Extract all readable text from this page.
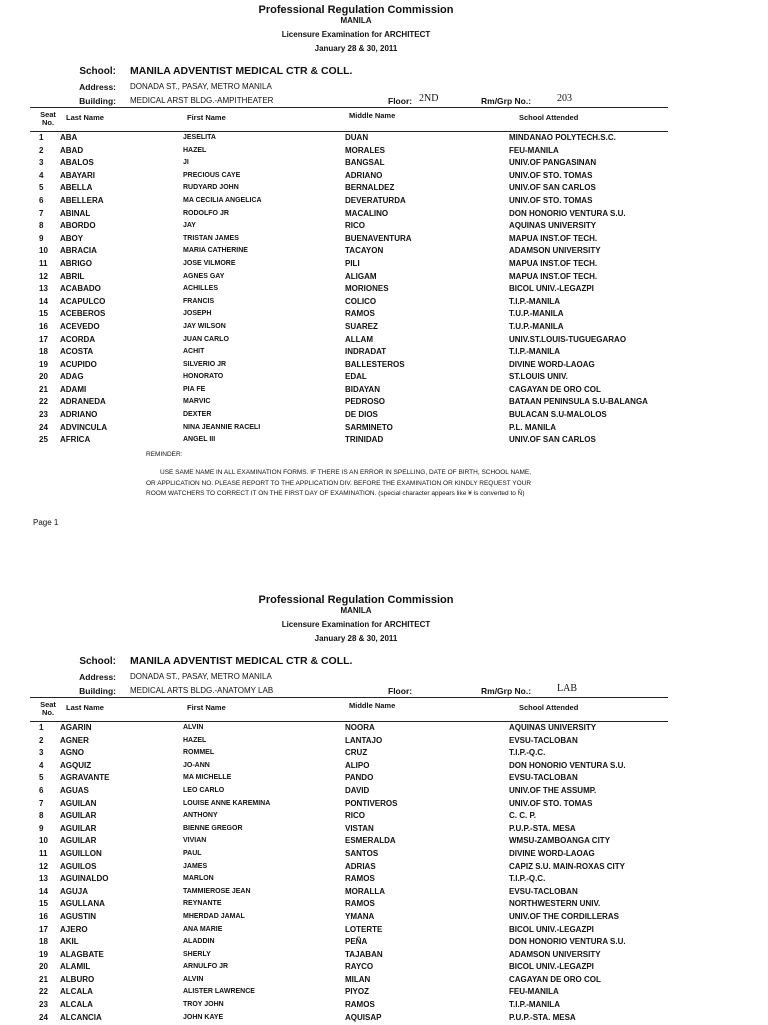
Professional Regulation Commission
MANILA
Licensure Examination for ARCHITECT
January 28 & 30, 2011
School: MANILA ADVENTIST MEDICAL CTR & COLL.
Address: DONADA ST., PASAY, METRO MANILA
Building: MEDICAL ARST BLDG.-AMPITHEATER	Floor: 2ND	Rm/Grp No.:	203
Seat No.
Last Name	First Name	Middle Name	School Attended
1 ABA	JESELITA	DUAN	MINDANAO POLYTECH.S.C.
2 ABAD	HAZEL	MORALES	FEU-MANILA
3 ABALOS	JI	BANGSAL	UNIV.OF PANGASINAN
4 ABAYARI	PRECIOUS CAYE	ADRIANO	UNIV.OF STO. TOMAS
5 ABELLA	RUDYARD JOHN	BERNALDEZ	UNIV.OF SAN CARLOS
6 ABELLERA	MA CECILIA ANGELICA	DEVERATURDA	UNIV.OF STO. TOMAS
7 ABINAL	RODOLFO JR	MACALINO	DON HONORIO VENTURA S.U.
8 ABORDO	JAY	RICO	AQUINAS UNIVERSITY
9 ABOY	TRISTAN JAMES	BUENAVENTURA	MAPUA INST.OF TECH.
10 ABRACIA	MARIA CATHERINE	TACAYON	ADAMSON UNIVERSITY
11 ABRIGO	JOSE VILMORE	PILI	MAPUA INST.OF TECH.
12 ABRIL	AGNES GAY	ALIGAM	MAPUA INST.OF TECH.
13 ACABADO	ACHILLES	MORIONES	BICOL UNIV.-LEGAZPI
14 ACAPULCO	FRANCIS	COLICO	T.I.P.-MANILA
15 ACEBEROS	JOSEPH	RAMOS	T.U.P.-MANILA
16 ACEVEDO	JAY WILSON	SUAREZ	T.U.P.-MANILA
17 ACORDA	JUAN CARLO	ALLAM	UNIV.ST.LOUIS-TUGUEGARAO
18 ACOSTA	ACHIT	INDRADAT	T.I.P.-MANILA
19 ACUPIDO	SILVERIO JR	BALLESTEROS	DIVINE WORD-LAOAG
20 ADAG	HONORATO	EDAL	ST.LOUIS UNIV.
21 ADAMI	PIA FE	BIDAYAN	CAGAYAN DE ORO COL
22 ADRANEDA	MARVIC	PEDROSO	BATAAN PENINSULA S.U-BALANGA
23 ADRIANO	DEXTER	DE DIOS	BULACAN S.U-MALOLOS
24 ADVINCULA	NINA JEANNIE RACELI	SARMINETO	P.L. MANILA
25 AFRICA	ANGEL III	TRINIDAD	UNIV.OF SAN CARLOS
REMINDER:
USE SAME NAME IN ALL EXAMINATION FORMS. IF THERE IS AN ERROR IN SPELLING, DATE OF BIRTH, SCHOOL NAME,
OR APPLICATION NO. PLEASE REPORT TO THE APPLICATION DIV. BEFORE THE EXAMINATION OR KINDLY REQUEST YOUR
ROOM WATCHERS TO CORRECT IT ON THE FIRST DAY OF EXAMINATION. (special character appears like ¥ is converted to Ñ)
Page 1
Professional Regulation Commission
MANILA
Licensure Examination for ARCHITECT
January 28 & 30, 2011
School: MANILA ADVENTIST MEDICAL CTR & COLL.
Address: DONADA ST., PASAY, METRO MANILA
Building: MEDICAL ARTS BLDG.-ANATOMY LAB	Floor:	Rm/Grp No.:	LAB
Seat No.
Last Name	First Name	Middle Name	School Attended
1 AGARIN	ALVIN	NOORA	AQUINAS UNIVERSITY
2 AGNER	HAZEL	LANTAJO	EVSU-TACLOBAN
3 AGNO	ROMMEL	CRUZ	T.I.P.-Q.C.
4 AGQUIZ	JO-ANN	ALIPO	DON HONORIO VENTURA S.U.
5 AGRAVANTE	MA MICHELLE	PANDO	EVSU-TACLOBAN
6 AGUAS	LEO CARLO	DAVID	UNIV.OF THE ASSUMP.
7 AGUILAN	LOUISE ANNE KAREMINA	PONTIVEROS	UNIV.OF STO. TOMAS
8 AGUILAR	ANTHONY	RICO	C. C. P.
9 AGUILAR	BIENNE GREGOR	VISTAN	P.U.P.-STA. MESA
10 AGUILAR	VIVIAN	ESMERALDA	WMSU-ZAMBOANGA CITY
11 AGUILLON	PAUL	SANTOS	DIVINE WORD-LAOAG
12 AGUILOS	JAMES	ADRIAS	CAPIZ S.U. MAIN-ROXAS CITY
13 AGUINALDO	MARLON	RAMOS	T.I.P.-Q.C.
14 AGUJA	TAMMIEROSE JEAN	MORALLA	EVSU-TACLOBAN
15 AGULLANA	REYNANTE	RAMOS	NORTHWESTERN UNIV.
16 AGUSTIN	MHERDAD JAMAL	YMANA	UNIV.OF THE CORDILLERAS
17 AJERO	ANA MARIE	LOTERTE	BICOL UNIV.-LEGAZPI
18 AKIL	ALADDIN	PEÑA	DON HONORIO VENTURA S.U.
19 ALAGBATE	SHERLY	TAJABAN	ADAMSON UNIVERSITY
20 ALAMIL	ARNULFO JR	RAYCO	BICOL UNIV.-LEGAZPI
21 ALBURO	ALVIN	MILAN	CAGAYAN DE ORO COL
22 ALCALA	ALISTER LAWRENCE	PIYOZ	FEU-MANILA
23 ALCALA	TROY JOHN	RAMOS	T.I.P.-MANILA
24 ALCANCIA	JOHN KAYE	AQUISAP	P.U.P.-STA. MESA
